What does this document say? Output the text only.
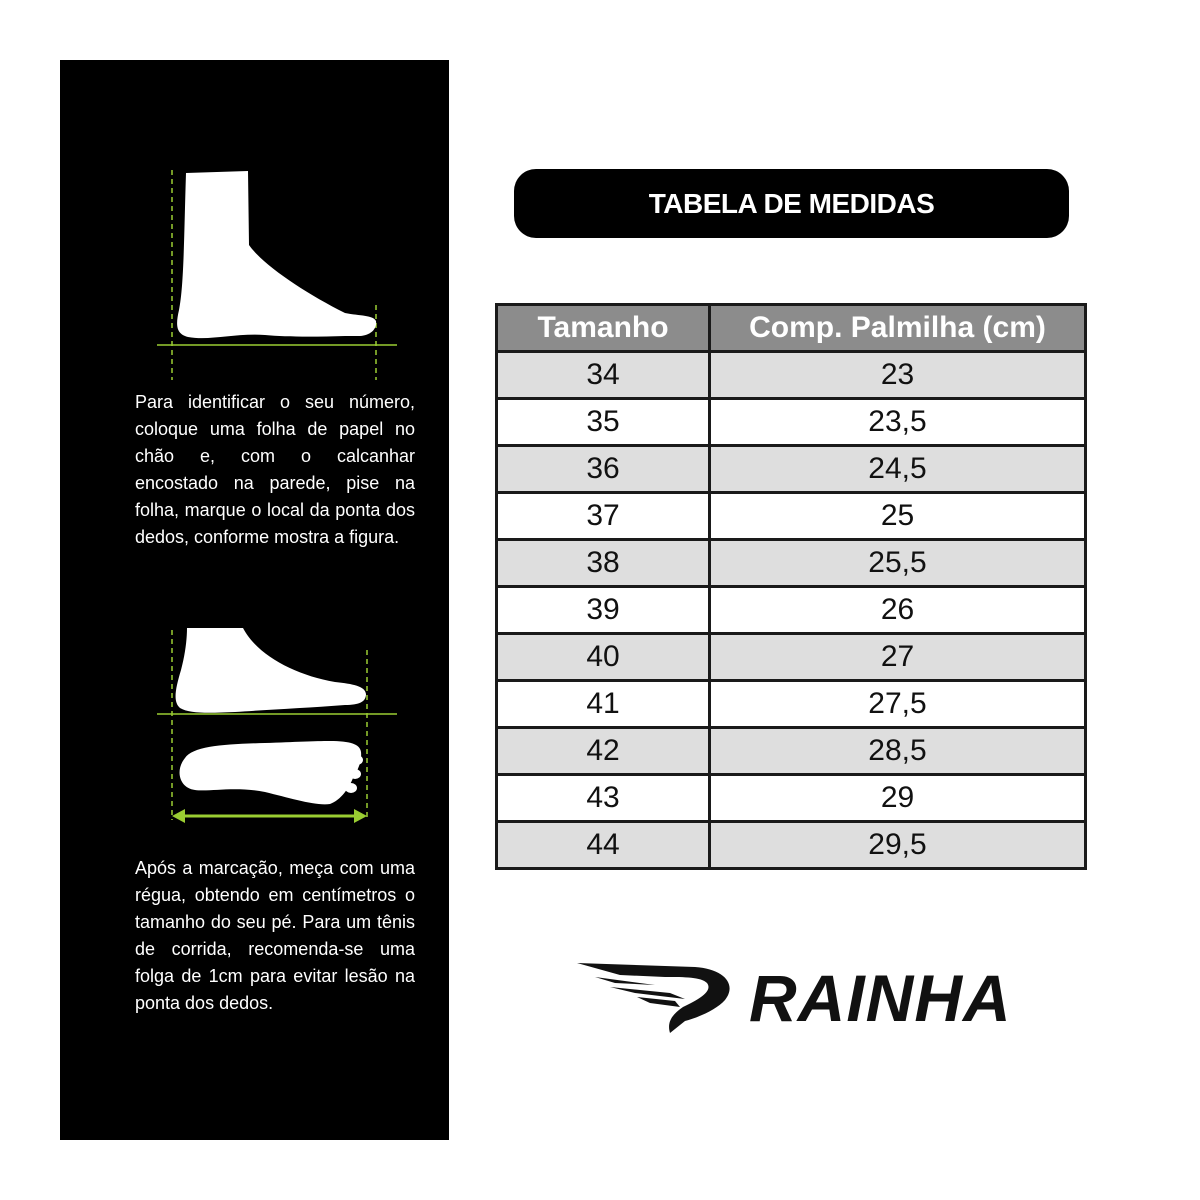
Para identificar o seu número, coloque uma folha de papel no chão e, com o calcanhar encostado na parede, pise na folha, marque o local da ponta dos dedos, conforme mostra a figura.

Após a marcação, meça com uma régua, obtendo em centímetros o tamanho do seu pé. Para um tênis de corrida, recomenda-se uma folga de 1cm para evitar lesão na ponta dos dedos.

TABELA DE MEDIDAS
Tamanho	Comp. Palmilha (cm)
34	23
35	23,5
36	24,5
37	25
38	25,5
39	26
40	27
41	27,5
42	28,5
43	29
44	29,5
RAINHA
